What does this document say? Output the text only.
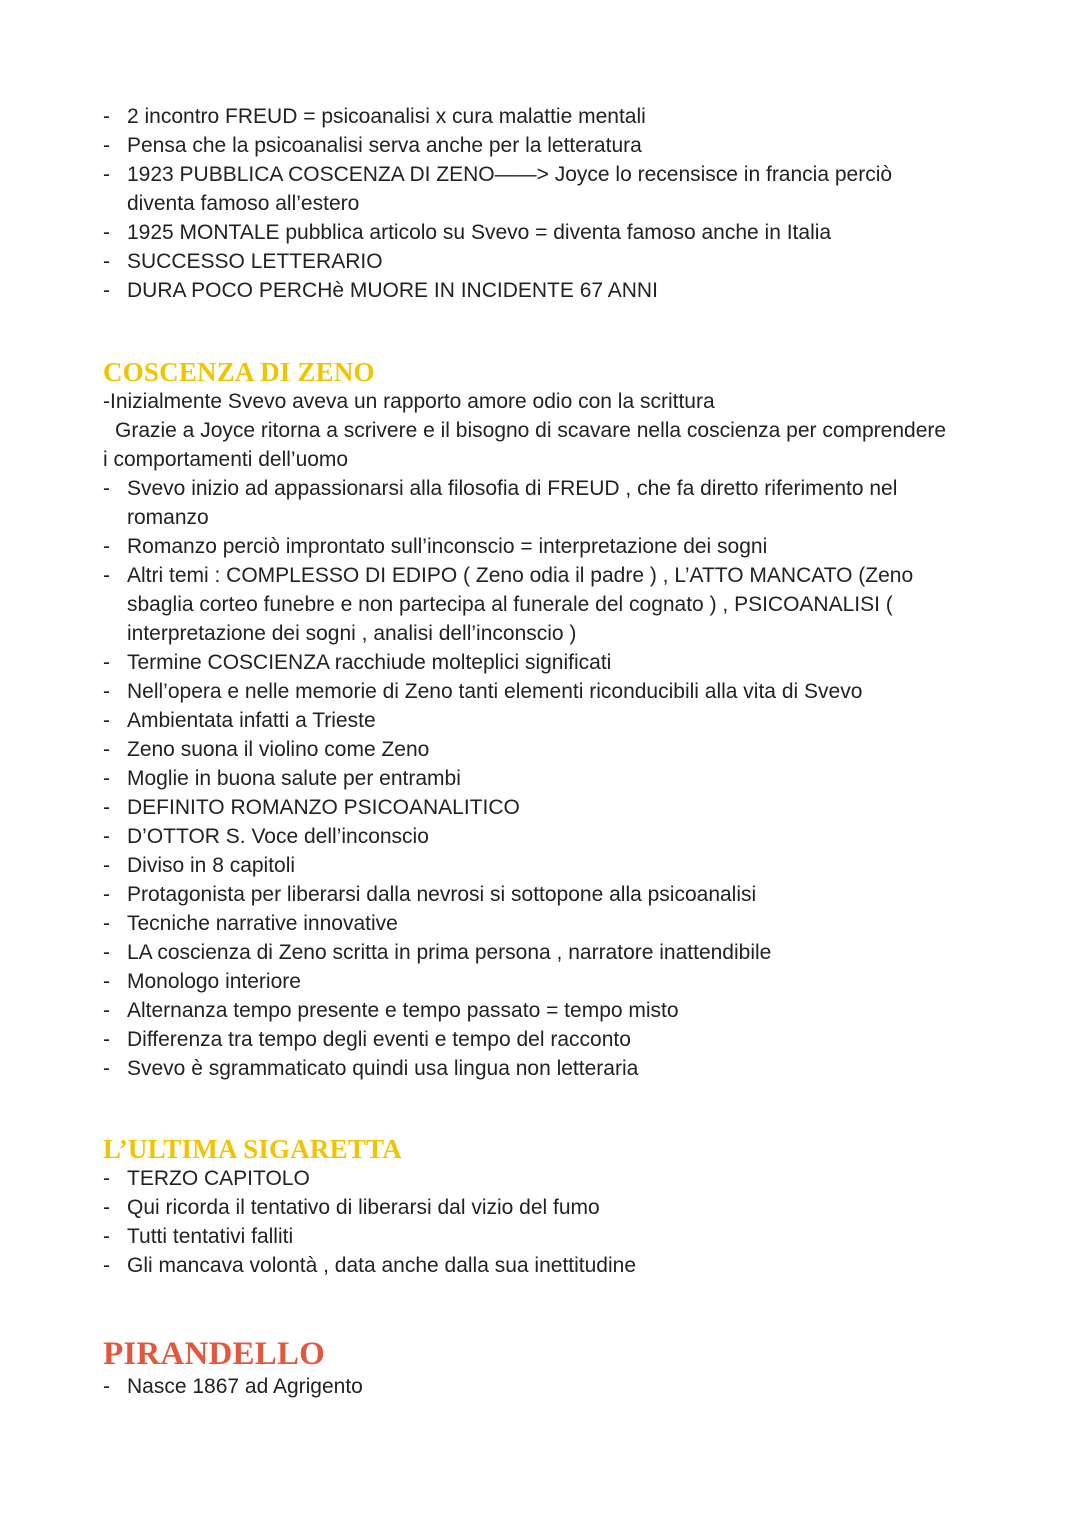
- 2 incontro FREUD = psicoanalisi x cura malattie mentali
- Pensa che la psicoanalisi serva anche per la letteratura
- 1923 PUBBLICA COSCENZA DI ZENO——> Joyce lo recensisce in francia perciò diventa famoso all’estero
- 1925 MONTALE pubblica articolo su Svevo = diventa famoso anche in Italia
- SUCCESSO LETTERARIO
- DURA POCO PERCHè MUORE IN INCIDENTE 67 ANNI
COSCENZA DI ZENO

-Inizialmente Svevo aveva un rapporto amore odio con la scrittura

Grazie a Joyce ritorna a scrivere e il bisogno di scavare nella coscienza per comprendere

i comportamenti dell’uomo

- Svevo inizio ad appassionarsi alla filosofia di FREUD , che fa diretto riferimento nel romanzo
- Romanzo perciò improntato sull’inconscio = interpretazione dei sogni
- Altri temi : COMPLESSO DI EDIPO ( Zeno odia il padre ) , L’ATTO MANCATO (Zeno sbaglia corteo funebre e non partecipa al funerale del cognato ) , PSICOANALISI ( interpretazione dei sogni , analisi dell’inconscio )
- Termine COSCIENZA racchiude molteplici significati
- Nell’opera e nelle memorie di Zeno tanti elementi riconducibili alla vita di Svevo
- Ambientata infatti a Trieste
- Zeno suona il violino come Zeno
- Moglie in buona salute per entrambi
- DEFINITO ROMANZO PSICOANALITICO
- D’OTTOR S. Voce dell’inconscio
- Diviso in 8 capitoli
- Protagonista per liberarsi dalla nevrosi si sottopone alla psicoanalisi
- Tecniche narrative innovative
- LA coscienza di Zeno scritta in prima persona , narratore inattendibile
- Monologo interiore
- Alternanza tempo presente e tempo passato = tempo misto
- Differenza tra tempo degli eventi e tempo del racconto
- Svevo è sgrammaticato quindi usa lingua non letteraria
L’ULTIMA SIGARETTA
- TERZO CAPITOLO
- Qui ricorda il tentativo di liberarsi dal vizio del fumo
- Tutti tentativi falliti
- Gli mancava volontà , data anche dalla sua inettitudine
PIRANDELLO
- Nasce 1867 ad Agrigento
